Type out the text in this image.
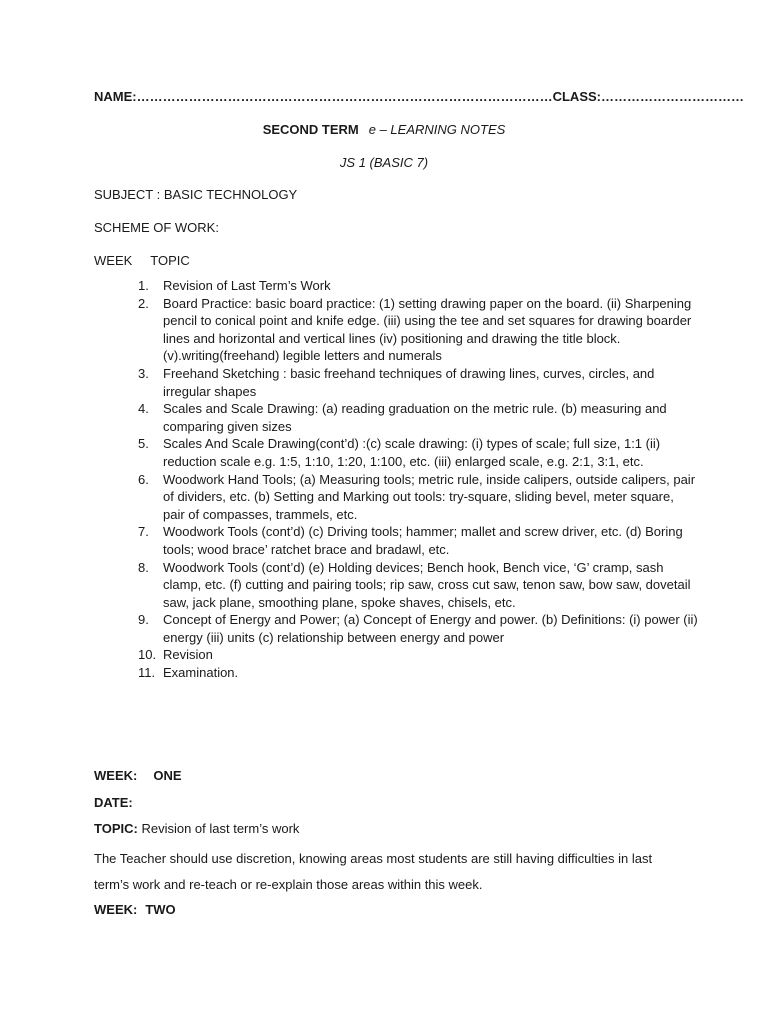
NAME:……………………………………………………………………………………CLASS:……………………………
SECOND TERM e – LEARNING NOTES
JS 1 (BASIC 7)
SUBJECT : BASIC TECHNOLOGY
SCHEME OF WORK:
WEEK TOPIC
1. Revision of Last Term’s Work
2. Board Practice: basic board practice: (1) setting drawing paper on the board. (ii) Sharpening pencil to conical point and knife edge. (iii) using the tee and set squares for drawing boarder lines and horizontal and vertical lines (iv) positioning and drawing the title block. (v).writing(freehand) legible letters and numerals
3. Freehand Sketching : basic freehand techniques of drawing lines, curves, circles, and irregular shapes
4. Scales and Scale Drawing: (a) reading graduation on the metric rule. (b) measuring and comparing given sizes
5. Scales And Scale Drawing(cont’d) :(c) scale drawing: (i) types of scale; full size, 1:1 (ii) reduction scale e.g. 1:5, 1:10, 1:20, 1:100, etc. (iii) enlarged scale, e.g. 2:1, 3:1, etc.
6. Woodwork Hand Tools; (a) Measuring tools; metric rule, inside calipers, outside calipers, pair of dividers, etc. (b) Setting and Marking out tools: try-square, sliding bevel, meter square, pair of compasses, trammels, etc.
7. Woodwork Tools (cont’d) (c) Driving tools; hammer; mallet and screw driver, etc. (d) Boring tools; wood brace’ ratchet brace and bradawl, etc.
8. Woodwork Tools (cont’d) (e) Holding devices; Bench hook, Bench vice, ‘G’ cramp, sash clamp, etc. (f) cutting and pairing tools; rip saw, cross cut saw, tenon saw, bow saw, dovetail saw, jack plane, smoothing plane, spoke shaves, chisels, etc.
9. Concept of Energy and Power; (a) Concept of Energy and power. (b) Definitions: (i) power (ii) energy (iii) units (c) relationship between energy and power
10. Revision
11. Examination.
WEEK: ONE
DATE:
TOPIC: Revision of last term’s work
The Teacher should use discretion, knowing areas most students are still having difficulties in last term’s work and re-teach or re-explain those areas within this week.
WEEK: TWO
